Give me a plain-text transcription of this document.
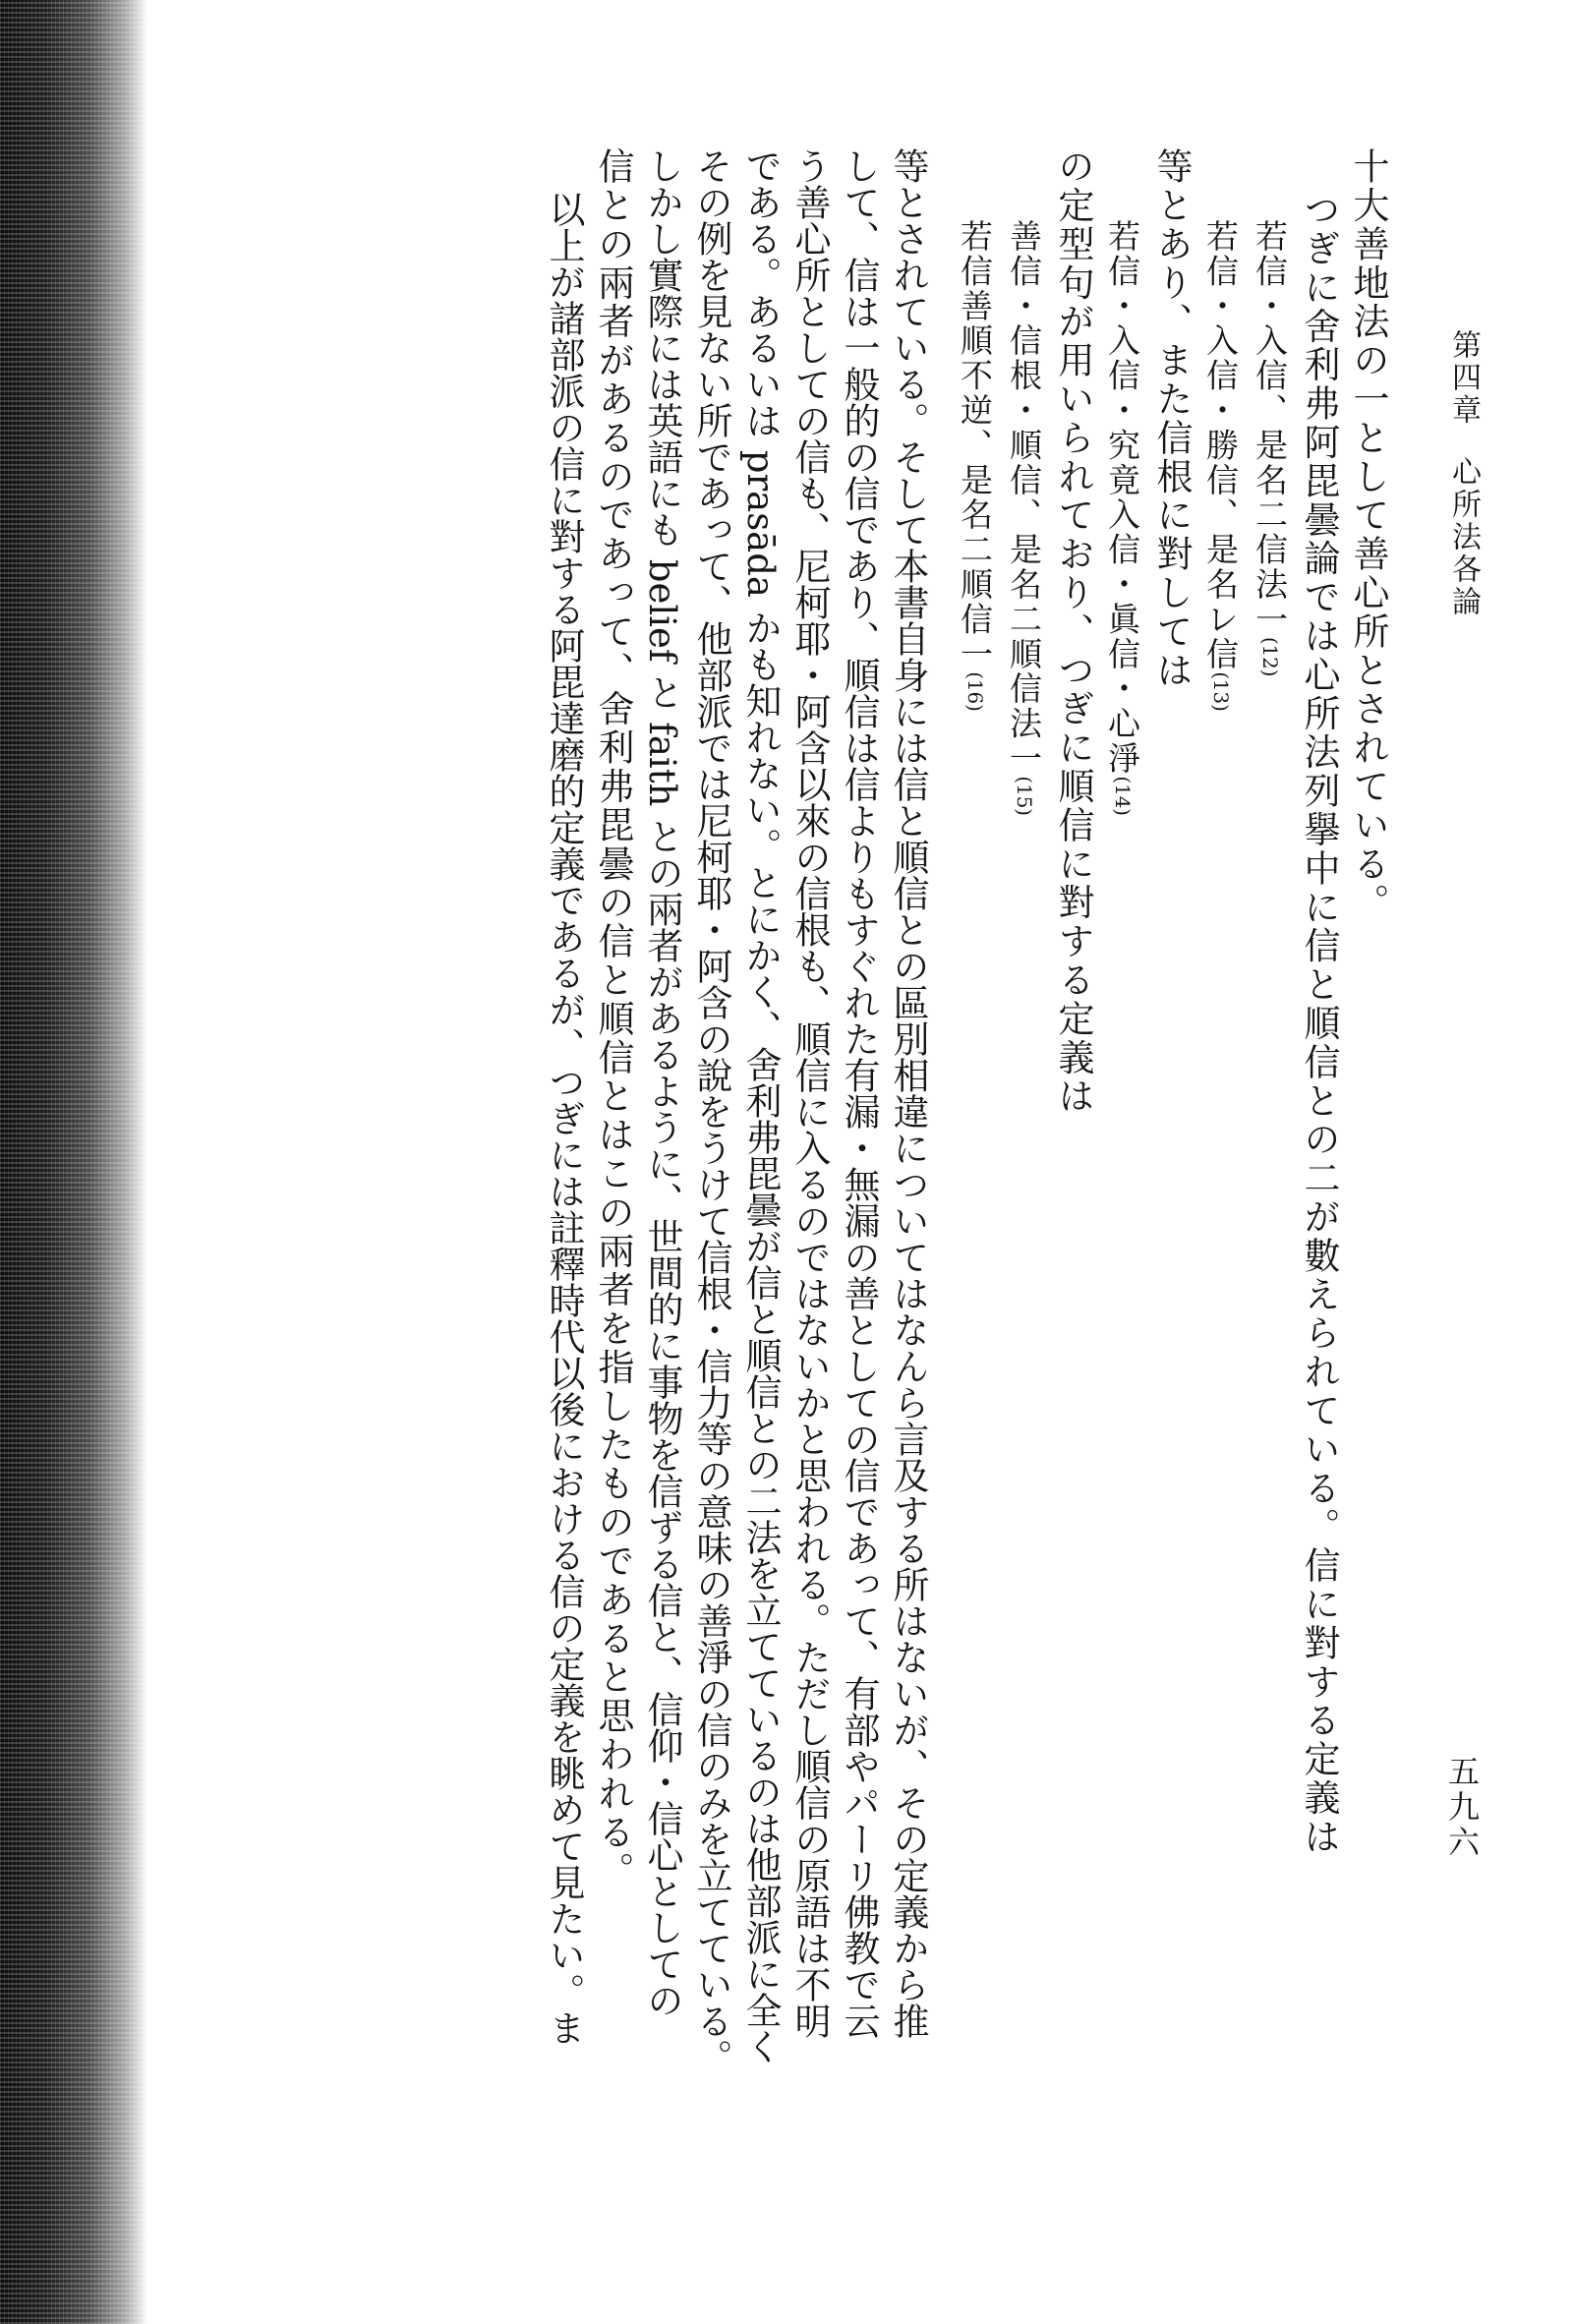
第四章
心所法各論
五九六
十大善地法の一として善心所とされている。
つぎに舍利弗阿毘曇論では心所法列擧中に信と順信との二が數えられている。信に對する定義は
若信・入信、是名二信法一(12)
若信・入信・勝信、是名レ信(13)
等とあり、また信根に對しては
若信・入信・究竟入信・眞信・心淨(14)
の定型句が用いられており、つぎに順信に對する定義は
善信・信根・順信、是名二順信法一(15)
若信善順不逆、是名二順信一(16)
等とされている。そして本書自身には信と順信との區別相違についてはなんら言及する所はないが、その定義から推
して、信は一般的の信であり、順信は信よりもすぐれた有漏・無漏の善としての信であって、有部やパーリ佛教で云
う善心所としての信も、尼柯耶・阿含以來の信根も、順信に入るのではないかと思われる。ただし順信の原語は不明
である。あるいは prasāda かも知れない。とにかく、舍利弗毘曇が信と順信との二法を立てているのは他部派に全く
その例を見ない所であって、他部派では尼柯耶・阿含の說をうけて信根・信力等の意味の善淨の信のみを立てている。
しかし實際には英語にも belief と faith との兩者があるように、世間的に事物を信ずる信と、信仰・信心としての
信との兩者があるのであって、舍利弗毘曇の信と順信とはこの兩者を指したものであると思われる。
以上が諸部派の信に對する阿毘達磨的定義であるが、つぎには註釋時代以後における信の定義を眺めて見たい。ま
